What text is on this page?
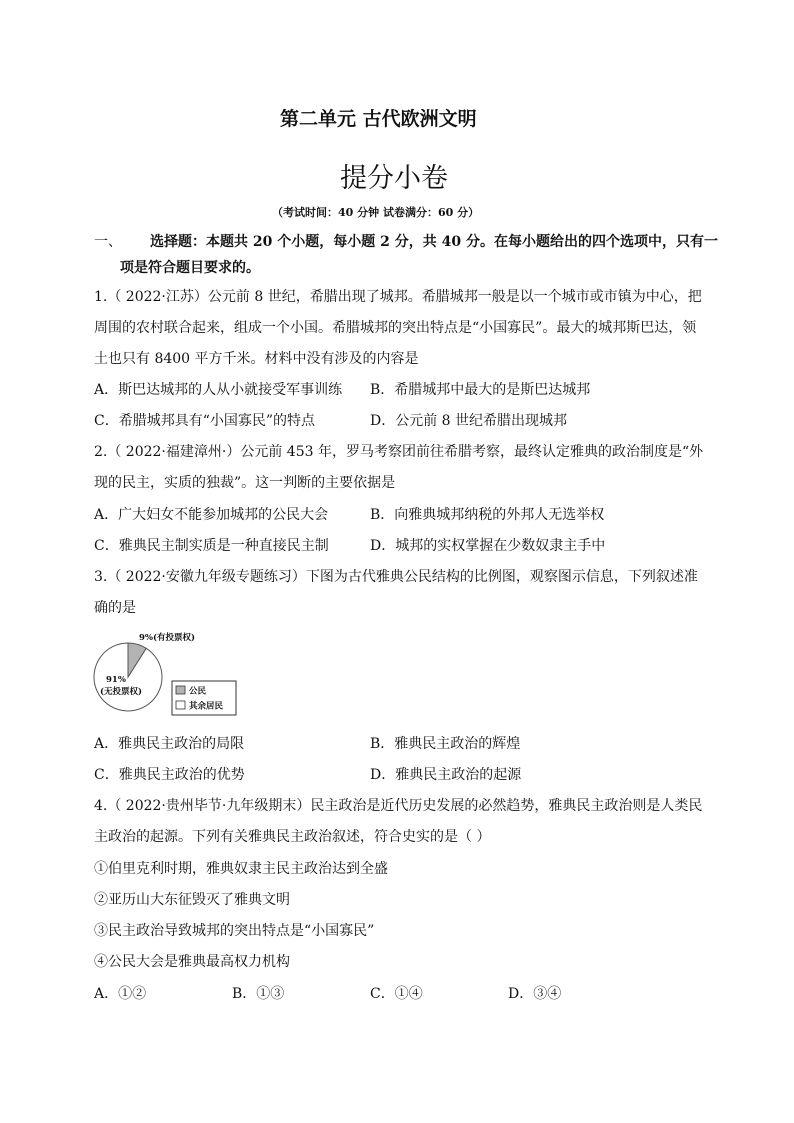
第二单元 古代欧洲文明
提分小卷
（考试时间：40 分钟 试卷满分：60 分）
一、 选择题：本题共 20 个小题，每小题 2 分，共 40 分。在每小题给出的四个选项中，只有一
项是符合题目要求的。
1.（ 2022·江苏）公元前 8 世纪，希腊出现了城邦。希腊城邦一般是以一个城市或市镇为中心，把
周围的农村联合起来，组成一个小国。希腊城邦的突出特点是“小国寡民”。最大的城邦斯巴达，领
土也只有 8400 平方千米。材料中没有涉及的内容是
A．斯巴达城邦的人从小就接受军事训练 B．希腊城邦中最大的是斯巴达城邦
C．希腊城邦具有“小国寡民”的特点	D．公元前 8 世纪希腊出现城邦
2.（ 2022·福建漳州·）公元前 453 年，罗马考察团前往希腊考察，最终认定雅典的政治制度是“外
现的民主，实质的独裁”。这一判断的主要依据是
A．广大妇女不能参加城邦的公民大会	B．向雅典城邦纳税的外邦人无选举权
C．雅典民主制实质是一种直接民主制	D．城邦的实权掌握在少数奴隶主手中
3.（ 2022·安徽九年级专题练习）下图为古代雅典公民结构的比例图，观察图示信息，下列叙述准
确的是
9%(有投票权)
91%
(无投票权)	公民
其余居民
A．雅典民主政治的局限	B．雅典民主政治的辉煌
C．雅典民主政治的优势	D．雅典民主政治的起源
4.（ 2022·贵州毕节·九年级期末）民主政治是近代历史发展的必然趋势，雅典民主政治则是人类民
主政治的起源。下列有关雅典民主政治叙述，符合史实的是（ ）
①伯里克利时期，雅典奴隶主民主政治达到全盛
②亚历山大东征毁灭了雅典文明
③民主政治导致城邦的突出特点是“小国寡民”
④公民大会是雅典最高权力机构
A．①②	B．①③	C．①④	D．③④
